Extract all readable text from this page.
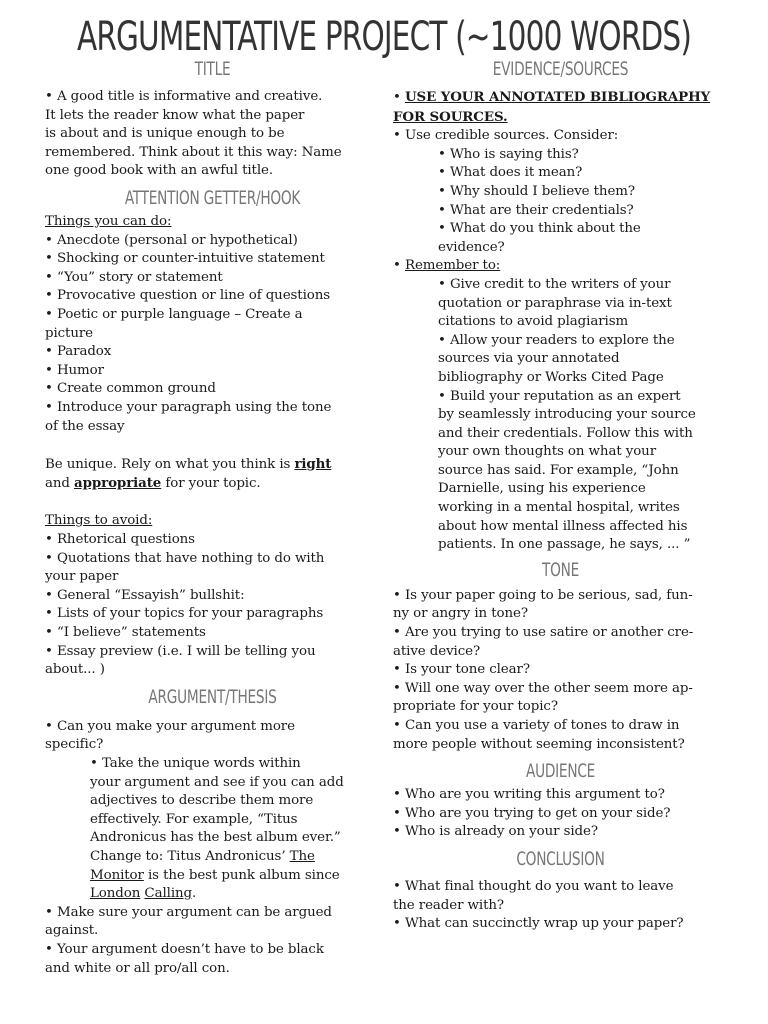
ARGUMENTATIVE PROJECT (~1000 WORDS)
TITLE
• A good title is informative and creative.
It lets the reader know what the paper
is about and is unique enough to be
remembered. Think about it this way: Name
one good book with an awful title.
ATTENTION GETTER/HOOK
Things you can do:
• Anecdote (personal or hypothetical)
• Shocking or counter-intuitive statement
• “You” story or statement
• Provocative question or line of questions
• Poetic or purple language – Create a
picture
• Paradox
• Humor
• Create common ground
• Introduce your paragraph using the tone
of the essay
Be unique. Rely on what you think is right
and appropriate for your topic.
Things to avoid:
• Rhetorical questions
• Quotations that have nothing to do with
your paper
• General “Essayish” bullshit:
• Lists of your topics for your paragraphs
• “I believe” statements
• Essay preview (i.e. I will be telling you
about... )
ARGUMENT/THESIS
• Can you make your argument more
specific?
• Take the unique words within
your argument and see if you can add
adjectives to describe them more
effectively. For example, “Titus
Andronicus has the best album ever.”
Change to: Titus Andronicus’ The
Monitor is the best punk album since
London Calling.
• Make sure your argument can be argued
against.
• Your argument doesn’t have to be black
and white or all pro/all con.
EVIDENCE/SOURCES
• USE YOUR ANNOTATED BIBLIOGRAPHY
FOR SOURCES.
• Use credible sources. Consider:
• Who is saying this?
• What does it mean?
• Why should I believe them?
• What are their credentials?
• What do you think about the
evidence?
• Remember to:
• Give credit to the writers of your
quotation or paraphrase via in-text
citations to avoid plagiarism
• Allow your readers to explore the
sources via your annotated
bibliography or Works Cited Page
• Build your reputation as an expert
by seamlessly introducing your source
and their credentials. Follow this with
your own thoughts on what your
source has said. For example, “John
Darnielle, using his experience
working in a mental hospital, writes
about how mental illness affected his
patients. In one passage, he says, ... ”
TONE
• Is your paper going to be serious, sad, fun-
ny or angry in tone?
• Are you trying to use satire or another cre-
ative device?
• Is your tone clear?
• Will one way over the other seem more ap-
propriate for your topic?
• Can you use a variety of tones to draw in
more people without seeming inconsistent?
AUDIENCE
• Who are you writing this argument to?
• Who are you trying to get on your side?
• Who is already on your side?
CONCLUSION
• What final thought do you want to leave
the reader with?
• What can succinctly wrap up your paper?
